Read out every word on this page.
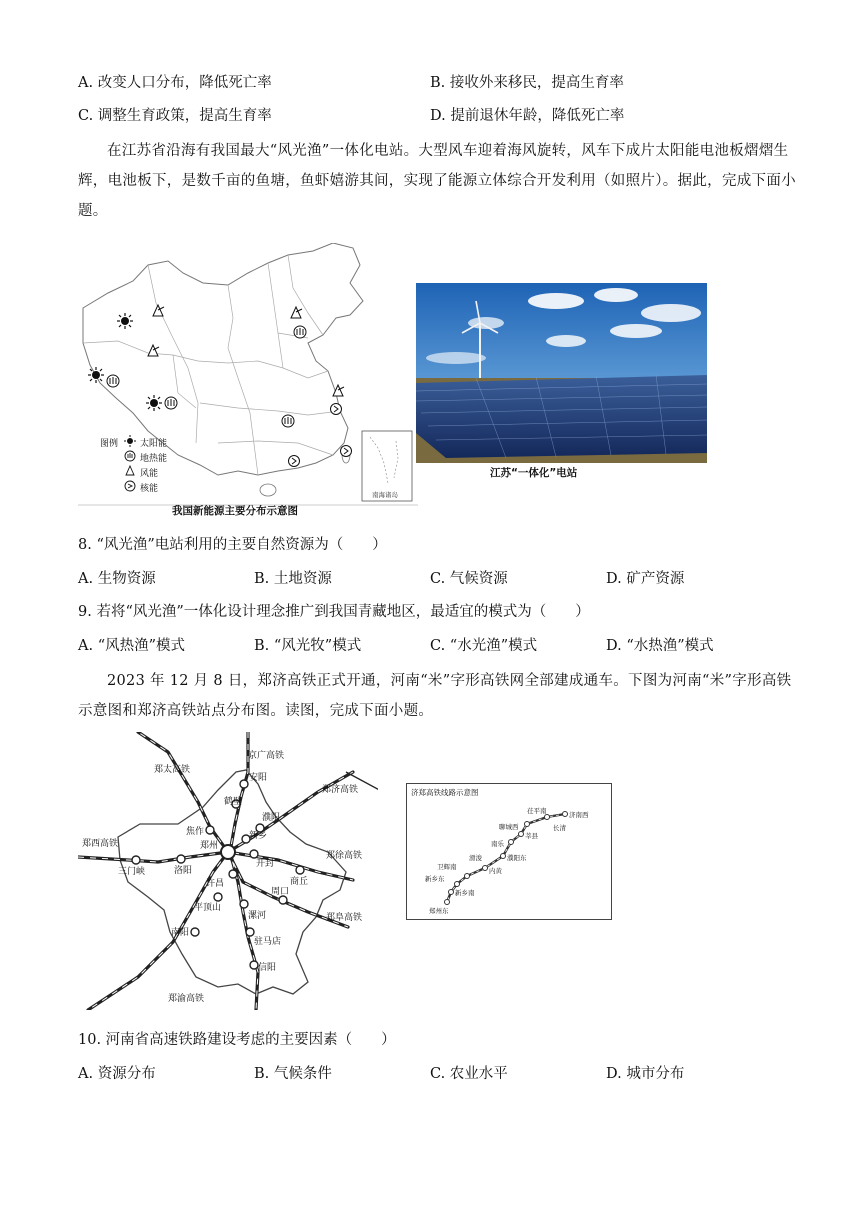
A. 改变人口分布，降低死亡率	B. 接收外来移民，提高生育率
C. 调整生育政策，提高生育率	D. 提前退休年龄，降低死亡率
在江苏省沿海有我国最大“风光渔”一体化电站。大型风车迎着海风旋转，风车下成片太阳能电池板熠熠生辉，电池板下，是数千亩的鱼塘，鱼虾嬉游其间，实现了能源立体综合开发利用（如照片）。据此，完成下面小题。
南海诸岛
图例 太阳能
地热能
风能
核能
我国新能源主要分布示意图
江苏“一体化”电站
8. “风光渔”电站利用的主要自然资源为（　　）
A. 生物资源	B. 土地资源	C. 气候资源	D. 矿产资源
9. 若将“风光渔”一体化设计理念推广到我国青藏地区，最适宜的模式为（　　）
A. “风热渔”模式	B. “风光牧”模式	C. “水光渔”模式	D. “水热渔”模式
2023 年 12 月 8 日，郑济高铁正式开通，河南“米”字形高铁网全部建成通车。下图为河南“米”字形高铁示意图和郑济高铁站点分布图。读图，完成下面小题。
京广高铁
郑太高铁
郑济高铁
郑西高铁
郑徐高铁
郑阜高铁
郑渝高铁
安阳
鹤壁
濮阳
焦作	新乡
郑州
开封
三门峡	洛阳
许昌	商丘
周口
平顶山
漯河
南阳
驻马店
信阳
济郑高铁线路示意图
茌平南	济南西
聊城西	长清
莘县
南乐
濮阳东
滑浚
内黄
卫辉南
新乡东
新乡南
郑州东
10. 河南省高速铁路建设考虑的主要因素（　　）
A. 资源分布	B. 气候条件	C. 农业水平	D. 城市分布
